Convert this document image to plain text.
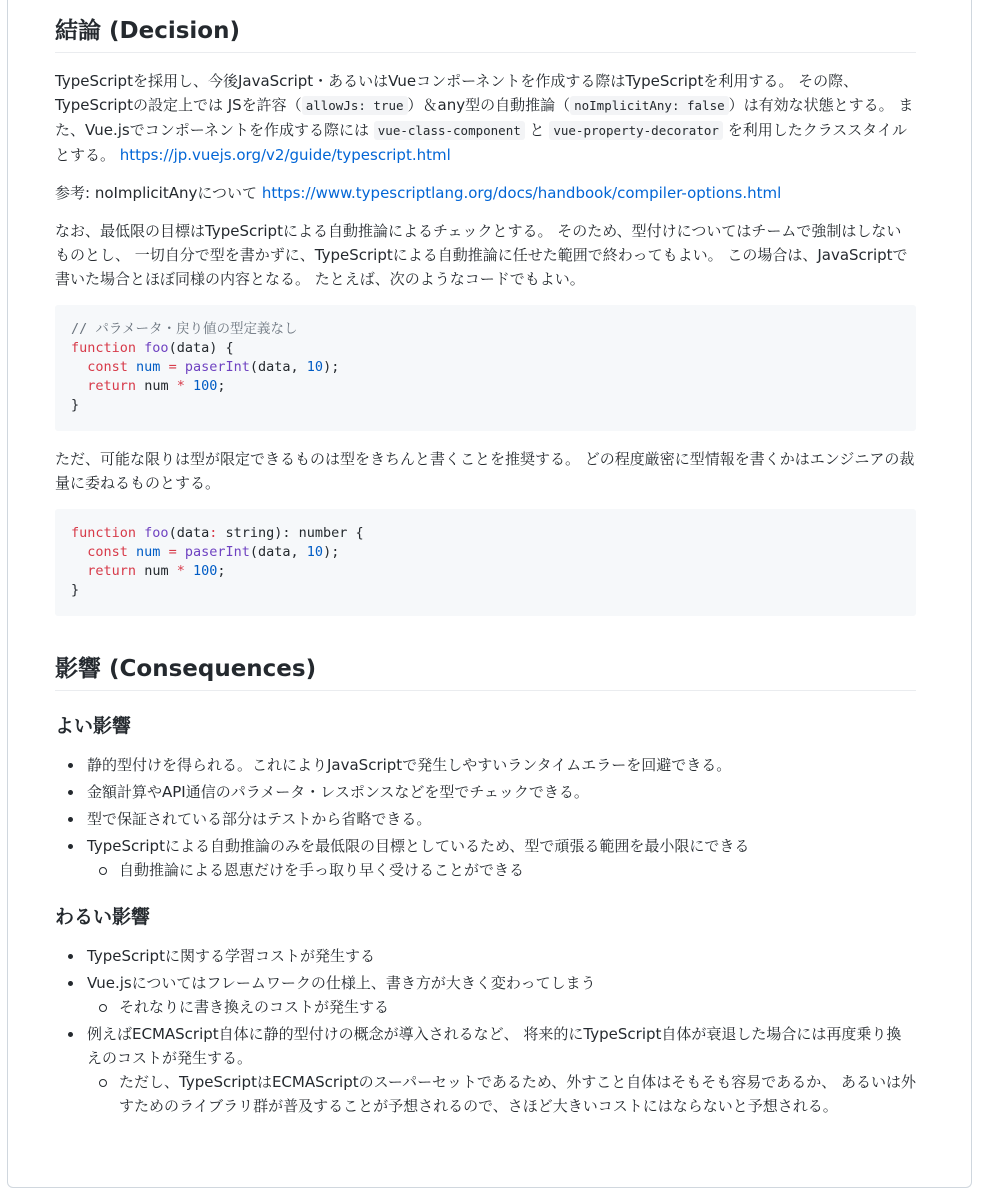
結論 (Decision)

TypeScriptを採用し、今後JavaScript・あるいはVueコンポーネントを作成する際はTypeScriptを利用する。 その際、TypeScriptの設定上では JSを許容（ allowJs: true ）＆any型の自動推論（ noImplicitAny: false ）は有効な状態とする。 また、Vue.jsでコンポーネントを作成する際には vue-class-component と vue-property-decorator を利用したクラススタイルとする。 https://jp.vuejs.org/v2/guide/typescript.html

参考: noImplicitAnyについて https://www.typescriptlang.org/docs/handbook/compiler-options.html

なお、最低限の目標はTypeScriptによる自動推論によるチェックとする。 そのため、型付けについてはチームで強制はしないものとし、 一切自分で型を書かずに、TypeScriptによる自動推論に任せた範囲で終わってもよい。 この場合は、JavaScriptで書いた場合とほぼ同様の内容となる。 たとえば、次のようなコードでもよい。

// パラメータ・戻り値の型定義なし
function foo(data) {
const num = paserInt(data, 10);
return num * 100;
}

ただ、可能な限りは型が限定できるものは型をきちんと書くことを推奨する。 どの程度厳密に型情報を書くかはエンジニアの裁量に委ねるものとする。

function foo(data: string): number {
const num = paserInt(data, 10);
return num * 100;
}
影響 (Consequences)
よい影響
静的型付けを得られる。これによりJavaScriptで発生しやすいランタイムエラーを回避できる。
金額計算やAPI通信のパラメータ・レスポンスなどを型でチェックできる。
型で保証されている部分はテストから省略できる。
TypeScriptによる自動推論のみを最低限の目標としているため、型で頑張る範囲を最小限にできる
自動推論による恩恵だけを手っ取り早く受けることができる
わるい影響
TypeScriptに関する学習コストが発生する
Vue.jsについてはフレームワークの仕様上、書き方が大きく変わってしまう
それなりに書き換えのコストが発生する
例えばECMAScript自体に静的型付けの概念が導入されるなど、 将来的にTypeScript自体が衰退した場合には再度乗り換えのコストが発生する。
ただし、TypeScriptはECMAScriptのスーパーセットであるため、外すこと自体はそもそも容易であるか、 あるいは外すためのライブラリ群が普及することが予想されるので、さほど大きいコストにはならないと予想される。
